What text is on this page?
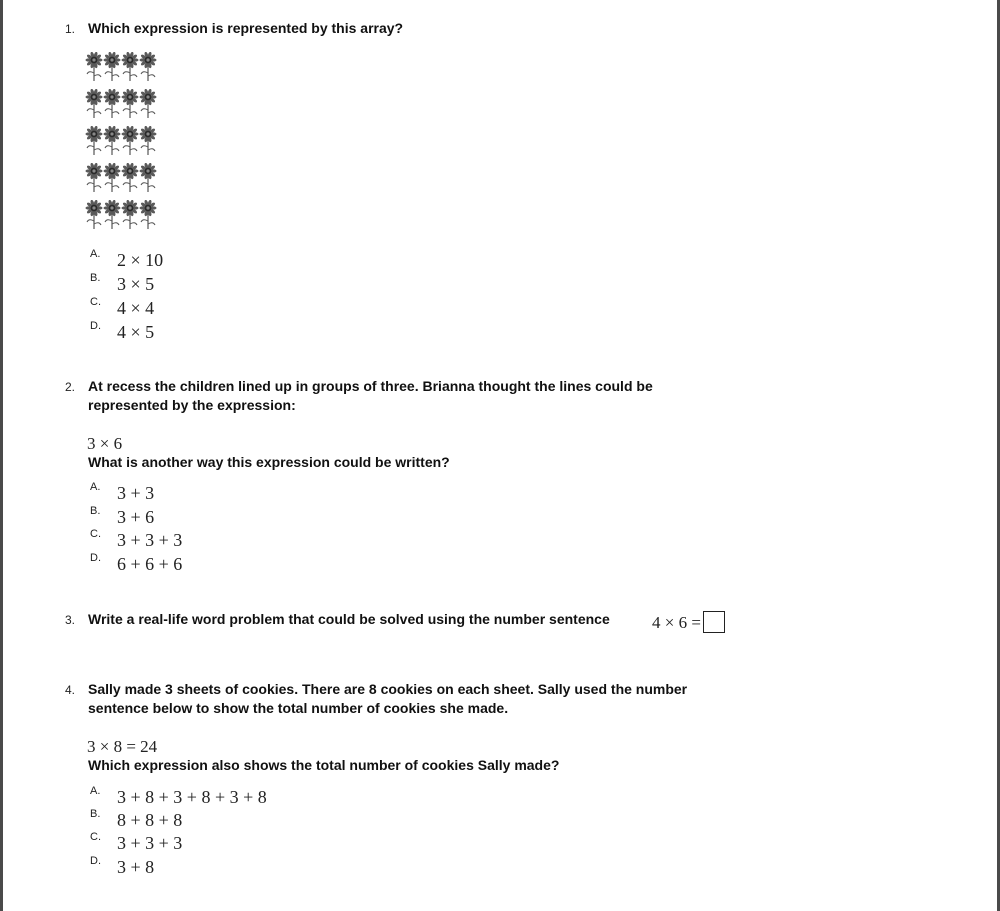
1. Which expression is represented by this array?
A. 2 × 10
B. 3 × 5
C. 4 × 4
D. 4 × 5
2. At recess the children lined up in groups of three. Brianna thought the lines could be
represented by the expression:
3 × 6
What is another way this expression could be written?
A. 3 + 3
B. 3 + 6
C. 3 + 3 + 3
D. 6 + 6 + 6
3. Write a real-life word problem that could be solved using the number sentence 4 × 6 =
4. Sally made 3 sheets of cookies. There are 8 cookies on each sheet. Sally used the number
sentence below to show the total number of cookies she made.
3 × 8 = 24
Which expression also shows the total number of cookies Sally made?
A. 3 + 8 + 3 + 8 + 3 + 8
B. 8 + 8 + 8
C. 3 + 3 + 3
D. 3 + 8
